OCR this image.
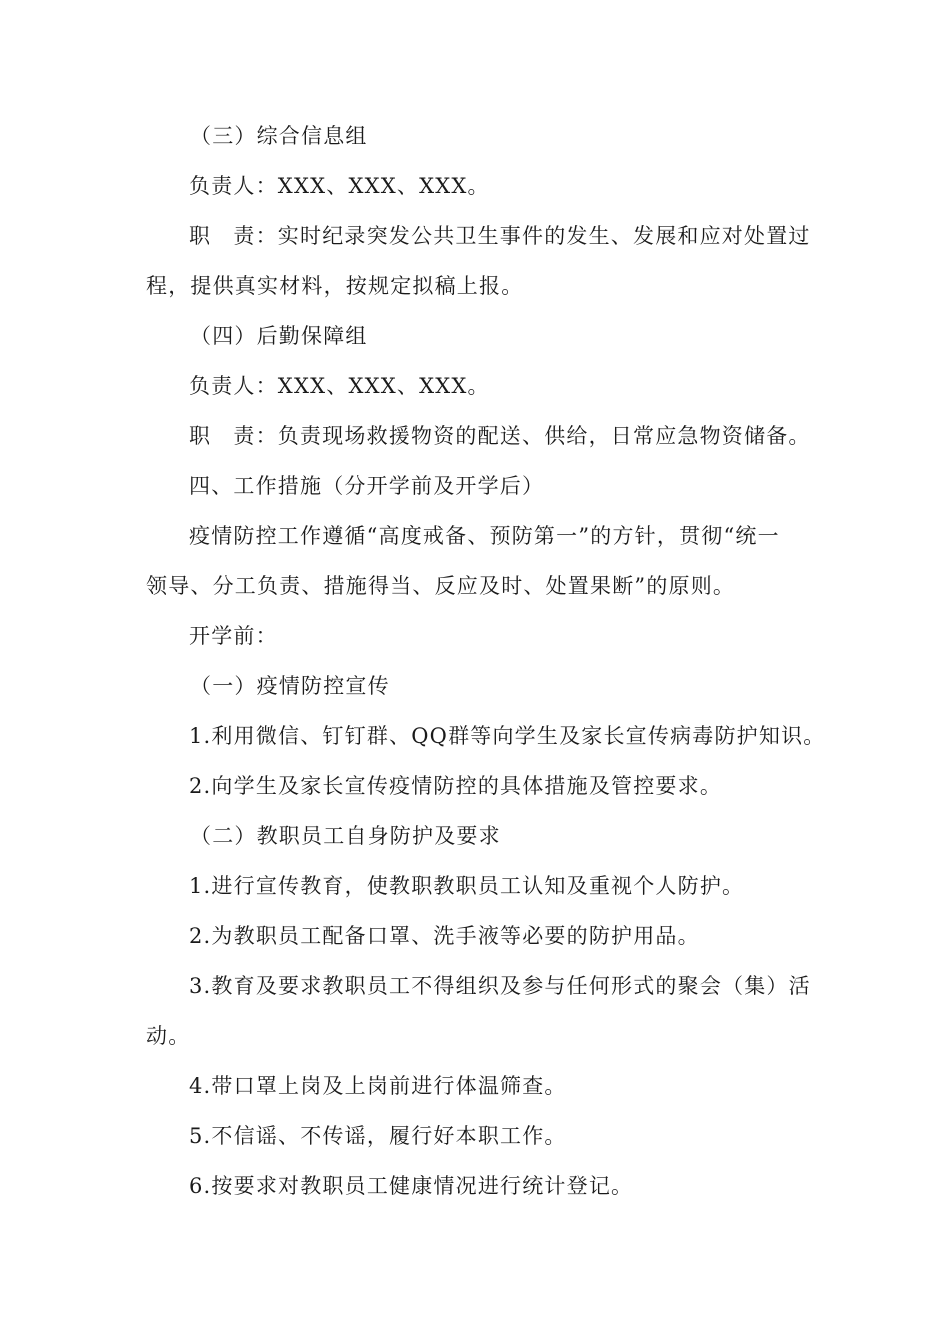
（三）综合信息组
负责人：XXX、XXX、XXX。
职　责：实时纪录突发公共卫生事件的发生、发展和应对处置过
程，提供真实材料，按规定拟稿上报。
（四）后勤保障组
负责人：XXX、XXX、XXX。
职　责：负责现场救援物资的配送、供给，日常应急物资储备。
四、工作措施（分开学前及开学后）
疫情防控工作遵循“高度戒备、预防第一”的方针，贯彻“统一
领导、分工负责、措施得当、反应及时、处置果断”的原则。
开学前：
（一）疫情防控宣传
1.利用微信、钉钉群、QQ群等向学生及家长宣传病毒防护知识。
2.向学生及家长宣传疫情防控的具体措施及管控要求。
（二）教职员工自身防护及要求
1.进行宣传教育，使教职教职员工认知及重视个人防护。
2.为教职员工配备口罩、洗手液等必要的防护用品。
3.教育及要求教职员工不得组织及参与任何形式的聚会（集）活
动。
4.带口罩上岗及上岗前进行体温筛查。
5.不信谣、不传谣，履行好本职工作。
6.按要求对教职员工健康情况进行统计登记。
